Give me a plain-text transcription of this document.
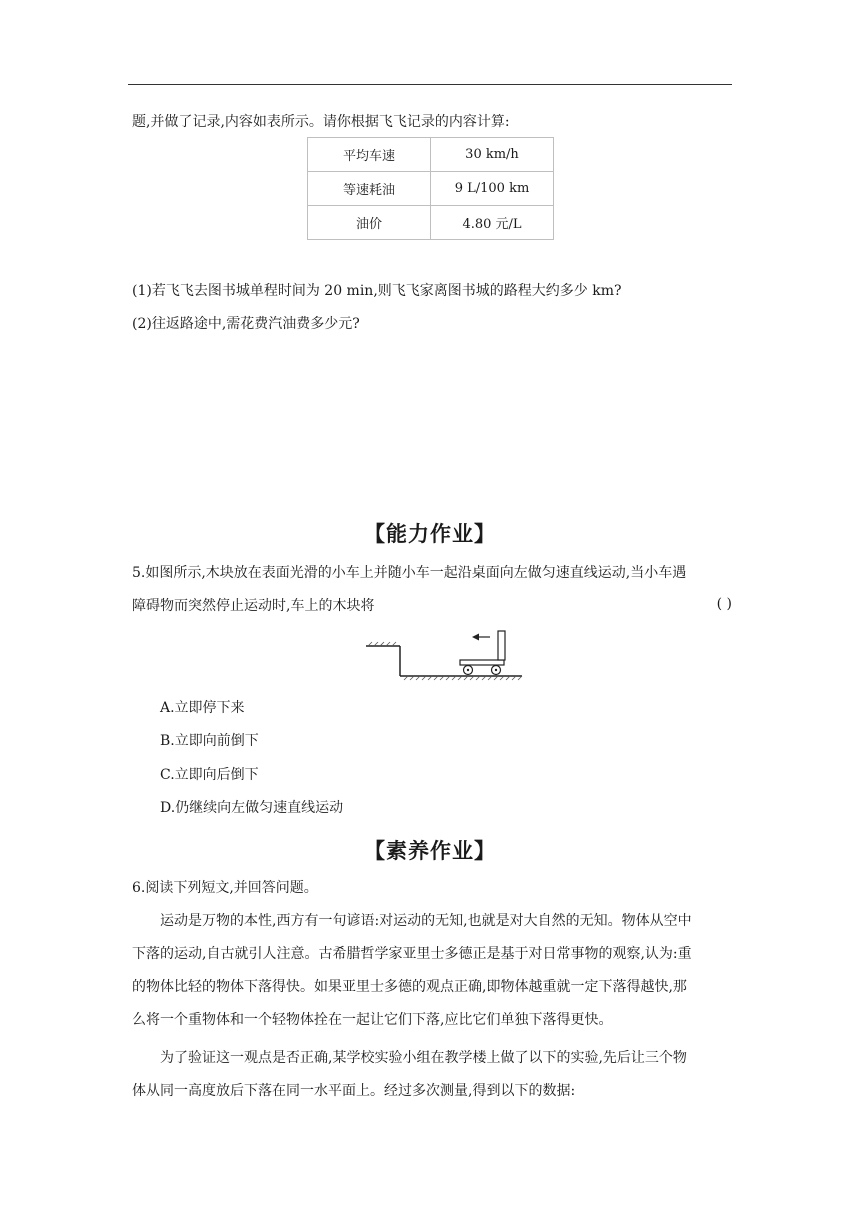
题,并做了记录,内容如表所示。请你根据飞飞记录的内容计算:
平均车速	30 km/h
等速耗油	9 L/100 km
油价	4.80 元/L
(1)若飞飞去图书城单程时间为 20 min,则飞飞家离图书城的路程大约多少 km?
(2)往返路途中,需花费汽油费多少元?
【能力作业】
5.如图所示,木块放在表面光滑的小车上并随小车一起沿桌面向左做匀速直线运动,当小车遇
障碍物而突然停止运动时,车上的木块将	( )
A.立即停下来
B.立即向前倒下
C.立即向后倒下
D.仍继续向左做匀速直线运动
【素养作业】
6.阅读下列短文,并回答问题。
运动是万物的本性,西方有一句谚语:对运动的无知,也就是对大自然的无知。物体从空中
下落的运动,自古就引人注意。古希腊哲学家亚里士多德正是基于对日常事物的观察,认为:重
的物体比轻的物体下落得快。如果亚里士多德的观点正确,即物体越重就一定下落得越快,那
么将一个重物体和一个轻物体拴在一起让它们下落,应比它们单独下落得更快。
为了验证这一观点是否正确,某学校实验小组在教学楼上做了以下的实验,先后让三个物
体从同一高度放后下落在同一水平面上。经过多次测量,得到以下的数据:
